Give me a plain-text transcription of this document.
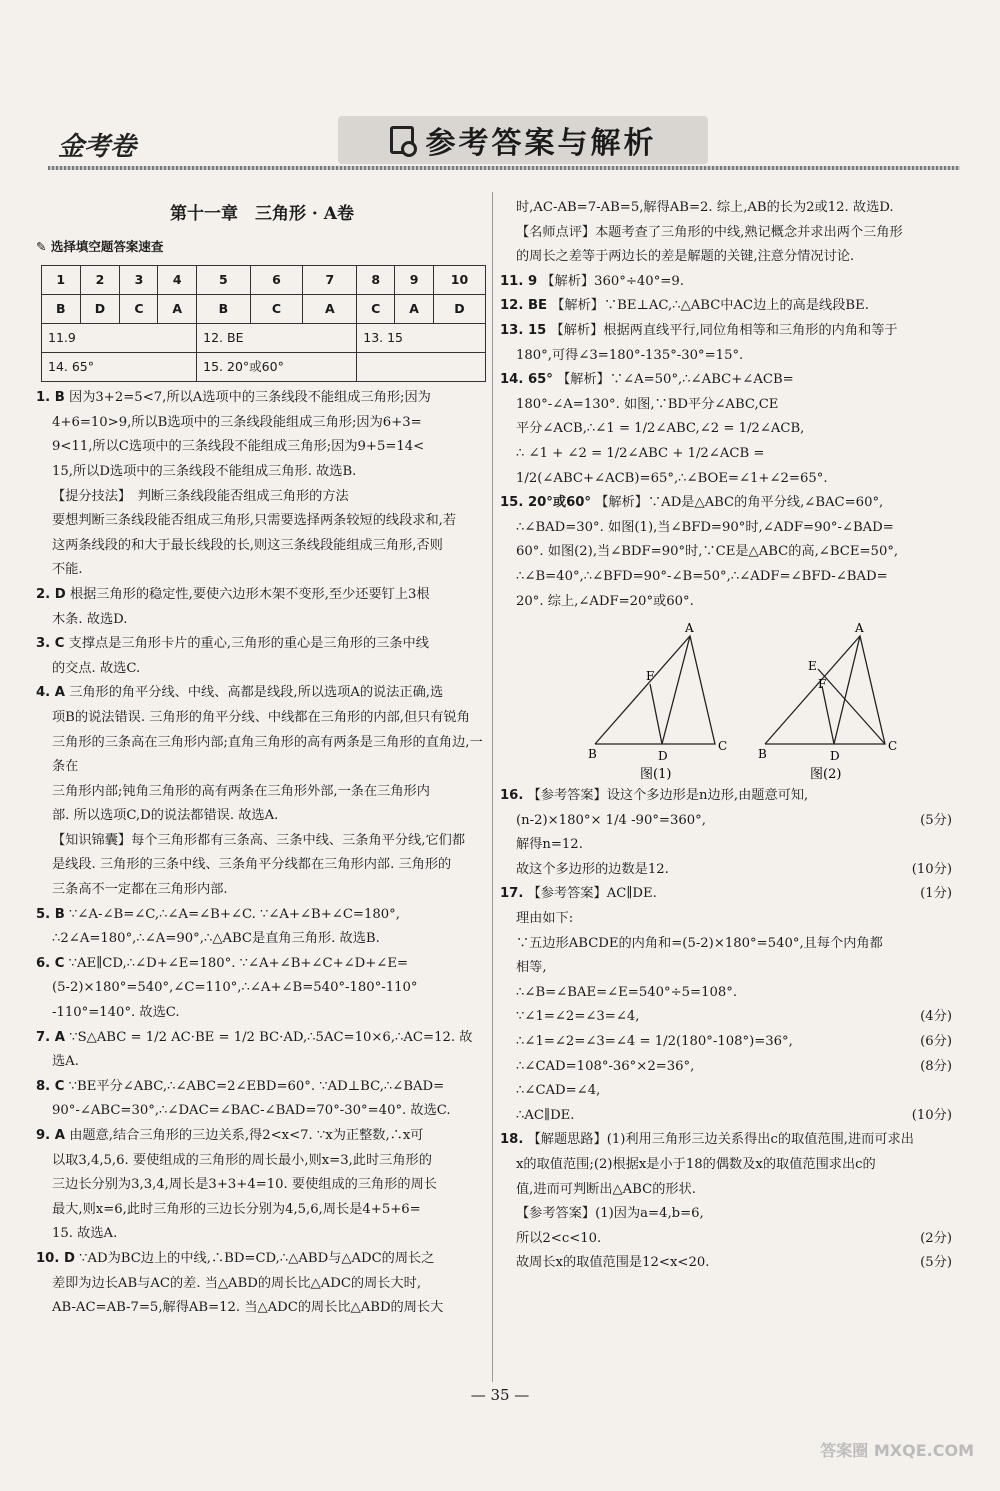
金考卷	参考答案与解析
第十一章　三角形 · A卷
✎ 选择填空题答案速查
1	2	3	4	5	6	7	8	9	10
B	D	C	A	B	C	A	C	A	D
11.9				12. BE			13. 15		
14. 65°				15. 20°或60°					
1. B 因为3+2=5<7,所以A选项中的三条线段不能组成三角形;因为
4+6=10>9,所以B选项中的三条线段能组成三角形;因为6+3=
9<11,所以C选项中的三条线段不能组成三角形;因为9+5=14<
15,所以D选项中的三条线段不能组成三角形. 故选B.
【提分技法】　判断三条线段能否组成三角形的方法
要想判断三条线段能否组成三角形,只需要选择两条较短的线段求和,若
这两条线段的和大于最长线段的长,则这三条线段能组成三角形,否则
不能.
2. D 根据三角形的稳定性,要使六边形木架不变形,至少还要钉上3根
木条. 故选D.
3. C 支撑点是三角形卡片的重心,三角形的重心是三角形的三条中线
的交点. 故选C.
4. A 三角形的角平分线、中线、高都是线段,所以选项A的说法正确,选
项B的说法错误. 三角形的角平分线、中线都在三角形的内部,但只有锐角
三角形的三条高在三角形内部;直角三角形的高有两条是三角形的直角边,一条在
三角形内部;钝角三角形的高有两条在三角形外部,一条在三角形内
部. 所以选项C,D的说法都错误. 故选A.
【知识锦囊】每个三角形都有三条高、三条中线、三条角平分线,它们都
是线段. 三角形的三条中线、三条角平分线都在三角形内部. 三角形的
三条高不一定都在三角形内部.
5. B ∵∠A-∠B=∠C,∴∠A=∠B+∠C. ∵∠A+∠B+∠C=180°,
∴2∠A=180°,∴∠A=90°,∴△ABC是直角三角形. 故选B.
6. C ∵AE∥CD,∴∠D+∠E=180°. ∵∠A+∠B+∠C+∠D+∠E=
(5-2)×180°=540°,∠C=110°,∴∠A+∠B=540°-180°-110°
-110°=140°. 故选C.
7. A ∵S△ABC = 1/2 AC·BE = 1/2 BC·AD,∴5AC=10×6,∴AC=12. 故
选A.
8. C ∵BE平分∠ABC,∴∠ABC=2∠EBD=60°. ∵AD⊥BC,∴∠BAD=
90°-∠ABC=30°,∴∠DAC=∠BAC-∠BAD=70°-30°=40°. 故选C.
9. A 由题意,结合三角形的三边关系,得2<x<7. ∵x为正整数,∴x可
以取3,4,5,6. 要使组成的三角形的周长最小,则x=3,此时三角形的
三边长分别为3,3,4,周长是3+3+4=10. 要使组成的三角形的周长
最大,则x=6,此时三角形的三边长分别为4,5,6,周长是4+5+6=
15. 故选A.
10. D ∵AD为BC边上的中线,∴BD=CD,∴△ABD与△ADC的周长之
差即为边长AB与AC的差. 当△ABD的周长比△ADC的周长大时,
AB-AC=AB-7=5,解得AB=12. 当△ADC的周长比△ABD的周长大
时,AC-AB=7-AB=5,解得AB=2. 综上,AB的长为2或12. 故选D.
【名师点评】本题考查了三角形的中线,熟记概念并求出两个三角形
的周长之差等于两边长的差是解题的关键,注意分情况讨论.
11. 9 【解析】360°÷40°=9.
12. BE 【解析】∵BE⊥AC,∴△ABC中AC边上的高是线段BE.
13. 15 【解析】根据两直线平行,同位角相等和三角形的内角和等于
180°,可得∠3=180°-135°-30°=15°.
14. 65° 【解析】∵∠A=50°,∴∠ABC+∠ACB=
180°-∠A=130°. 如图,∵BD平分∠ABC,CE
平分∠ACB,∴∠1 = 1/2∠ABC,∠2 = 1/2∠ACB,
∴ ∠1 + ∠2 = 1/2∠ABC + 1/2∠ACB =
1/2(∠ABC+∠ACB)=65°,∴∠BOE=∠1+∠2=65°.
15. 20°或60° 【解析】∵AD是△ABC的角平分线,∠BAC=60°,
∴∠BAD=30°. 如图(1),当∠BFD=90°时,∠ADF=90°-∠BAD=
60°. 如图(2),当∠BDF=90°时,∵CE是△ABC的高,∠BCE=50°,
∴∠B=40°,∴∠BFD=90°-∠B=50°,∴∠ADF=∠BFD-∠BAD=
20°. 综上,∠ADF=20°或60°.
A
B	D
C
F
A
B	D
C
E
F
图(1)	图(2)
16. 【参考答案】设这个多边形是n边形,由题意可知,
(n-2)×180°× 1/4 -90°=360°,	(5分)
解得n=12.
故这个多边形的边数是12.	(10分)
17. 【参考答案】AC∥DE.	(1分)
理由如下:
∵五边形ABCDE的内角和=(5-2)×180°=540°,且每个内角都
相等,
∴∠B=∠BAE=∠E=540°÷5=108°.
∵∠1=∠2=∠3=∠4,	(4分)
∴∠1=∠2=∠3=∠4 = 1/2(180°-108°)=36°,	(6分)
∴∠CAD=108°-36°×2=36°,	(8分)
∴∠CAD=∠4,
∴AC∥DE.	(10分)
18. 【解题思路】(1)利用三角形三边关系得出c的取值范围,进而可求出
x的取值范围;(2)根据x是小于18的偶数及x的取值范围求出c的
值,进而可判断出△ABC的形状.
【参考答案】(1)因为a=4,b=6,
所以2<c<10.	(2分)
故周长x的取值范围是12<x<20.	(5分)
— 35 —
答案圈 MXQE.COM
